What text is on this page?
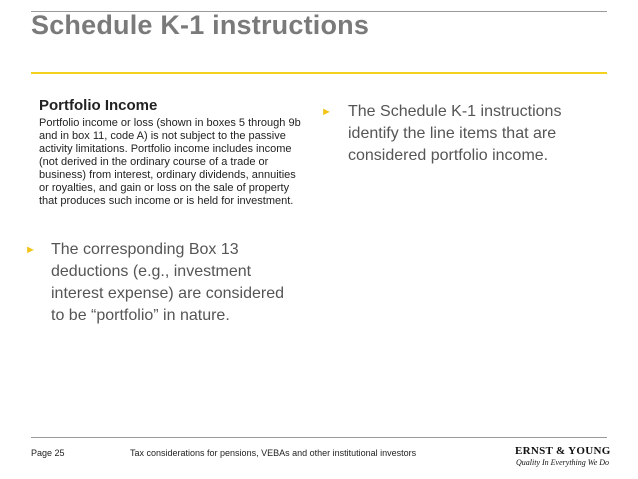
Schedule K-1 instructions
Portfolio Income
Portfolio income or loss (shown in boxes 5 through 9b and in box 11, code A) is not subject to the passive activity limitations. Portfolio income includes income (not derived in the ordinary course of a trade or business) from interest, ordinary dividends, annuities or royalties, and gain or loss on the sale of property that produces such income or is held for investment.
►	The Schedule K-1 instructions identify the line items that are considered portfolio income.
► The corresponding Box 13 deductions (e.g., investment interest expense) are considered to be “portfolio” in nature.
Page 25	Tax considerations for pensions, VEBAs and other institutional investors	ERNST & YOUNG
Quality In Everything We Do
